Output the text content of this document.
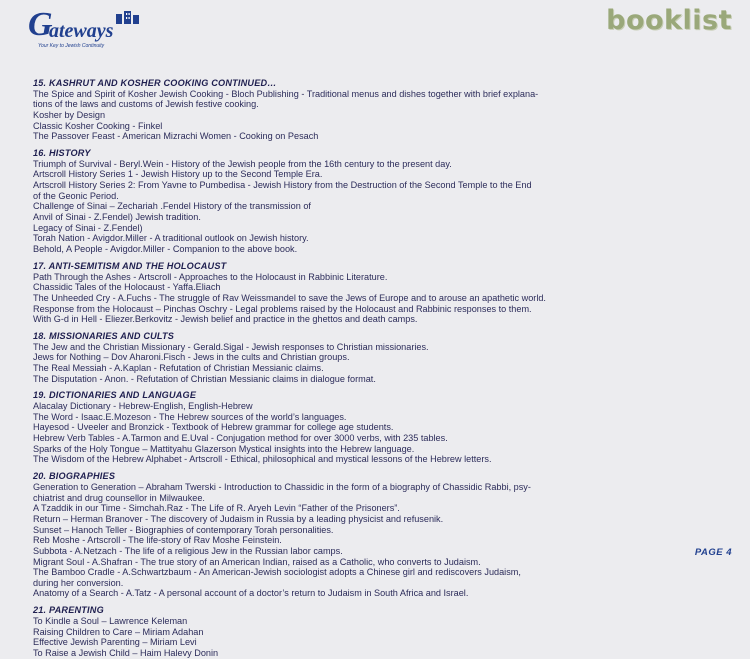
G
ateways
Your Key to Jewish Continuity
booklist
15. KASHRUT AND KOSHER COOKING CONTINUED…
The Spice and Spirit of Kosher Jewish Cooking - Bloch Publishing - Traditional menus and dishes together with brief explana-
tions of the laws and customs of Jewish festive cooking.
Kosher by Design
Classic Kosher Cooking - Finkel
The Passover Feast - American Mizrachi Women - Cooking on Pesach
16. HISTORY
Triumph of Survival - Beryl.Wein - History of the Jewish people from the 16th century to the present day.
Artscroll History Series 1 - Jewish History up to the Second Temple Era.
Artscroll History Series 2: From Yavne to Pumbedisa - Jewish History from the Destruction of the Second Temple to the End
of the Geonic Period.
Challenge of Sinai – Zechariah .Fendel History of the transmission of
Anvil of Sinai - Z.Fendel) Jewish tradition.
Legacy of Sinai - Z.Fendel)
Torah Nation - Avigdor.Miller - A traditional outlook on Jewish history.
Behold, A People - Avigdor.Miller - Companion to the above book.
17. ANTI-SEMITISM AND THE HOLOCAUST
Path Through the Ashes - Artscroll - Approaches to the Holocaust in Rabbinic Literature.
Chassidic Tales of the Holocaust - Yaffa.Eliach
The Unheeded Cry - A.Fuchs - The struggle of Rav Weissmandel to save the Jews of Europe and to arouse an apathetic world.
Response from the Holocaust – Pinchas Oschry - Legal problems raised by the Holocaust and Rabbinic responses to them.
With G-d in Hell - Eliezer.Berkovitz - Jewish belief and practice in the ghettos and death camps.
18. MISSIONARIES AND CULTS
The Jew and the Christian Missionary - Gerald.Sigal - Jewish responses to Christian missionaries.
Jews for Nothing – Dov Aharoni.Fisch - Jews in the cults and Christian groups.
The Real Messiah - A.Kaplan - Refutation of Christian Messianic claims.
The Disputation - Anon. - Refutation of Christian Messianic claims in dialogue format.
19. DICTIONARIES AND LANGUAGE
Alacalay Dictionary - Hebrew-English, English-Hebrew
The Word - Isaac.E.Mozeson - The Hebrew sources of the world’s languages.
Hayesod - Uveeler and Bronzick - Textbook of Hebrew grammar for college age students.
Hebrew Verb Tables - A.Tarmon and E.Uval - Conjugation method for over 3000 verbs, with 235 tables.
Sparks of the Holy Tongue – Mattityahu Glazerson Mystical insights into the Hebrew language.
The Wisdom of the Hebrew Alphabet - Artscroll - Ethical, philosophical and mystical lessons of the Hebrew letters.
20. BIOGRAPHIES
Generation to Generation – Abraham Twerski - Introduction to Chassidic in the form of a biography of Chassidic Rabbi, psy-
chiatrist and drug counsellor in Milwaukee.
A Tzaddik in our Time - Simchah.Raz - The Life of R. Aryeh Levin “Father of the Prisoners”.
Return – Herman Branover - The discovery of Judaism in Russia by a leading physicist and refusenik.
Sunset – Hanoch Teller - Biographies of contemporary Torah personalities.
Reb Moshe - Artscroll - The life-story of Rav Moshe Feinstein.
Subbota - A.Netzach - The life of a religious Jew in the Russian labor camps.
Migrant Soul - A.Shafran - The true story of an American Indian, raised as a Catholic, who converts to Judaism.
The Bamboo Cradle - A.Schwartzbaum - An American-Jewish sociologist adopts a Chinese girl and rediscovers Judaism,
during her conversion.
Anatomy of a Search - A.Tatz - A personal account of a doctor’s return to Judaism in South Africa and Israel.
21. PARENTING
To Kindle a Soul – Lawrence Keleman
Raising Children to Care – Miriam Adahan
Effective Jewish Parenting – Miriam Levi
To Raise a Jewish Child – Haim Halevy Donin
PAGE 4
